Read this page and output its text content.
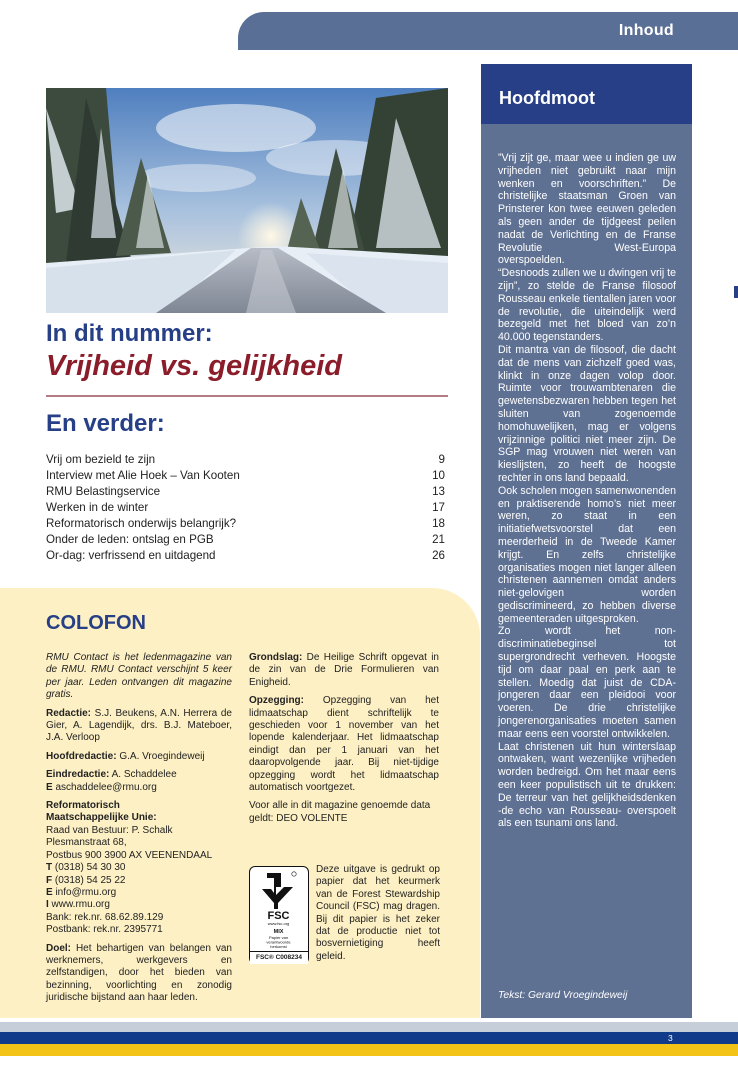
Inhoud
Hoofdmoot

”Vrij zijt ge, maar wee u indien ge uw vrijheden niet gebruikt naar mijn wenken en voorschriften.” De christelijke staatsman Groen van Prinsterer kon twee eeuwen geleden als geen ander de tijdgeest peilen nadat de Verlichting en de Franse Revolutie West-Europa overspoelden.

“Desnoods zullen we u dwingen vrij te zijn”, zo stelde de Franse filosoof Rousseau enkele tientallen jaren voor de revolutie, die uiteindelijk werd bezegeld met het bloed van zo’n 40.000 tegenstanders.

Dit mantra van de filosoof, die dacht dat de mens van zichzelf goed was, klinkt in onze dagen volop door. Ruimte voor trouwambtenaren die gewetensbezwaren hebben tegen het sluiten van zogenoemde homohuwelijken, mag er volgens vrijzinnige politici niet meer zijn. De SGP mag vrouwen niet weren van kieslijsten, zo heeft de hoogste rechter in ons land bepaald.

Ook scholen mogen samenwonenden en praktiserende homo’s niet meer weren, zo staat in een initiatiefwetsvoorstel dat een meerderheid in de Tweede Kamer krijgt. En zelfs christelijke organisaties mogen niet langer alleen christenen aannemen omdat anders niet-gelovigen worden gediscrimineerd, zo hebben diverse gemeenteraden uitgesproken.

Zo wordt het non-discriminatiebeginsel tot supergrondrecht verheven. Hoogste tijd om daar paal en perk aan te stellen. Moedig dat juist de CDA-jongeren daar een pleidooi voor voeren. De drie christelijke jongerenorganisaties moeten samen maar eens een voorstel ontwikkelen.

Laat christenen uit hun winterslaap ontwaken, want wezenlijke vrijheden worden bedreigd. Om het maar eens een keer populistisch uit te drukken: De terreur van het gelijkheidsdenken -de echo van Rousseau- overspoelt als een tsunami ons land.

Tekst: Gerard Vroegindeweij
In dit nummer:
Vrijheid vs. gelijkheid
En verder:
Vrij om bezield te zijn	9
Interview met Alie Hoek – Van Kooten	10
RMU Belastingservice	13
Werken in de winter	17
Reformatorisch onderwijs belangrijk?	18
Onder de leden: ontslag en PGB	21
Or-dag: verfrissend en uitdagend	26
COLOFON

RMU Contact is het ledenmagazine van de RMU. RMU Contact verschijnt 5 keer per jaar. Leden ontvangen dit magazine gratis.

Redactie: S.J. Beukens, A.N. Herrera de Gier, A. Lagendijk, drs. B.J. Mateboer, J.A. Verloop

Hoofdredactie: G.A. Vroegindeweij

Eindredactie: A. Schaddelee
E aschaddelee@rmu.org

Reformatorisch
Maatschappelijke Unie:
Raad van Bestuur: P. Schalk
Plesmanstraat 68,
Postbus 900 3900 AX VEENENDAAL
T (0318) 54 30 30
F (0318) 54 25 22
E info@rmu.org
I www.rmu.org
Bank: rek.nr. 68.62.89.129
Postbank: rek.nr. 2395771

Doel: Het behartigen van belangen van werknemers, werkgevers en zelfstandigen, door het bieden van bezinning, voorlichting en zonodig juridische bijstand aan haar leden.

Grondslag: De Heilige Schrift opgevat in de zin van de Drie Formulieren van Enigheid.

Opzegging: Opzegging van het lidmaatschap dient schriftelijk te geschieden voor 1 november van het lopende kalenderjaar. Het lidmaatschap eindigt dan per 1 januari van het daaropvolgende jaar. Bij niet-tijdige opzegging wordt het lidmaatschap automatisch voortgezet.

Voor alle in dit magazine genoemde data geldt: DEO VOLENTE

Deze uitgave is gedrukt op papier dat het keurmerk van de Forest Stewardship Council (FSC) mag dragen. Bij dit papier is het zeker dat de productie niet tot bosvernietiging heeft geleid.
FSC
www.fsc.org
MIX
Papier van
verantwoorde
herkomst
FSC® C008234
3
